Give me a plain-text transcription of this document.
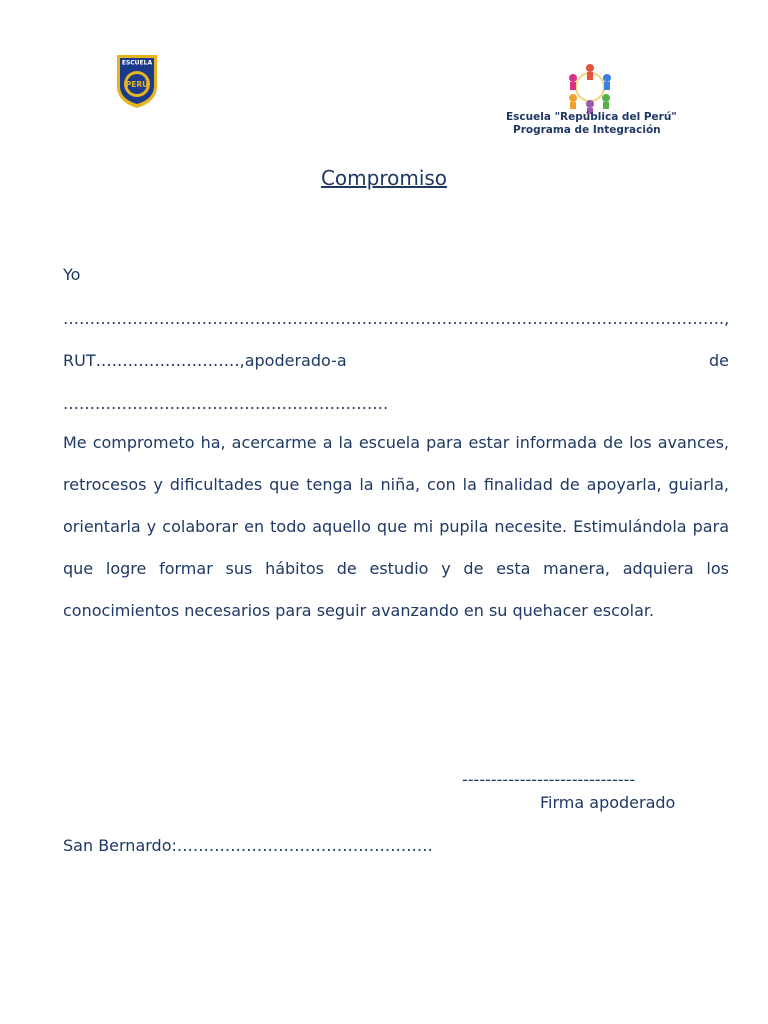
ESCUELA
PERÚ
Escuela "República del Perú"
Programa de Integración
Compromiso
Yo
…………………………………………………………………………………………………………….,
RUT………………………,apoderado-a	de
…………………………………………………….

Me comprometo ha, acercarme a la escuela para estar informada de los avances, retrocesos y dificultades que tenga la niña, con la finalidad de apoyarla, guiarla, orientarla y colaborar en todo aquello que mi pupila necesite. Estimulándola para que logre formar sus hábitos de estudio y de esta manera, adquiera los conocimientos necesarios para seguir avanzando en su quehacer escolar.

------------------------------
Firma apoderado
San Bernardo:…………………………………………
